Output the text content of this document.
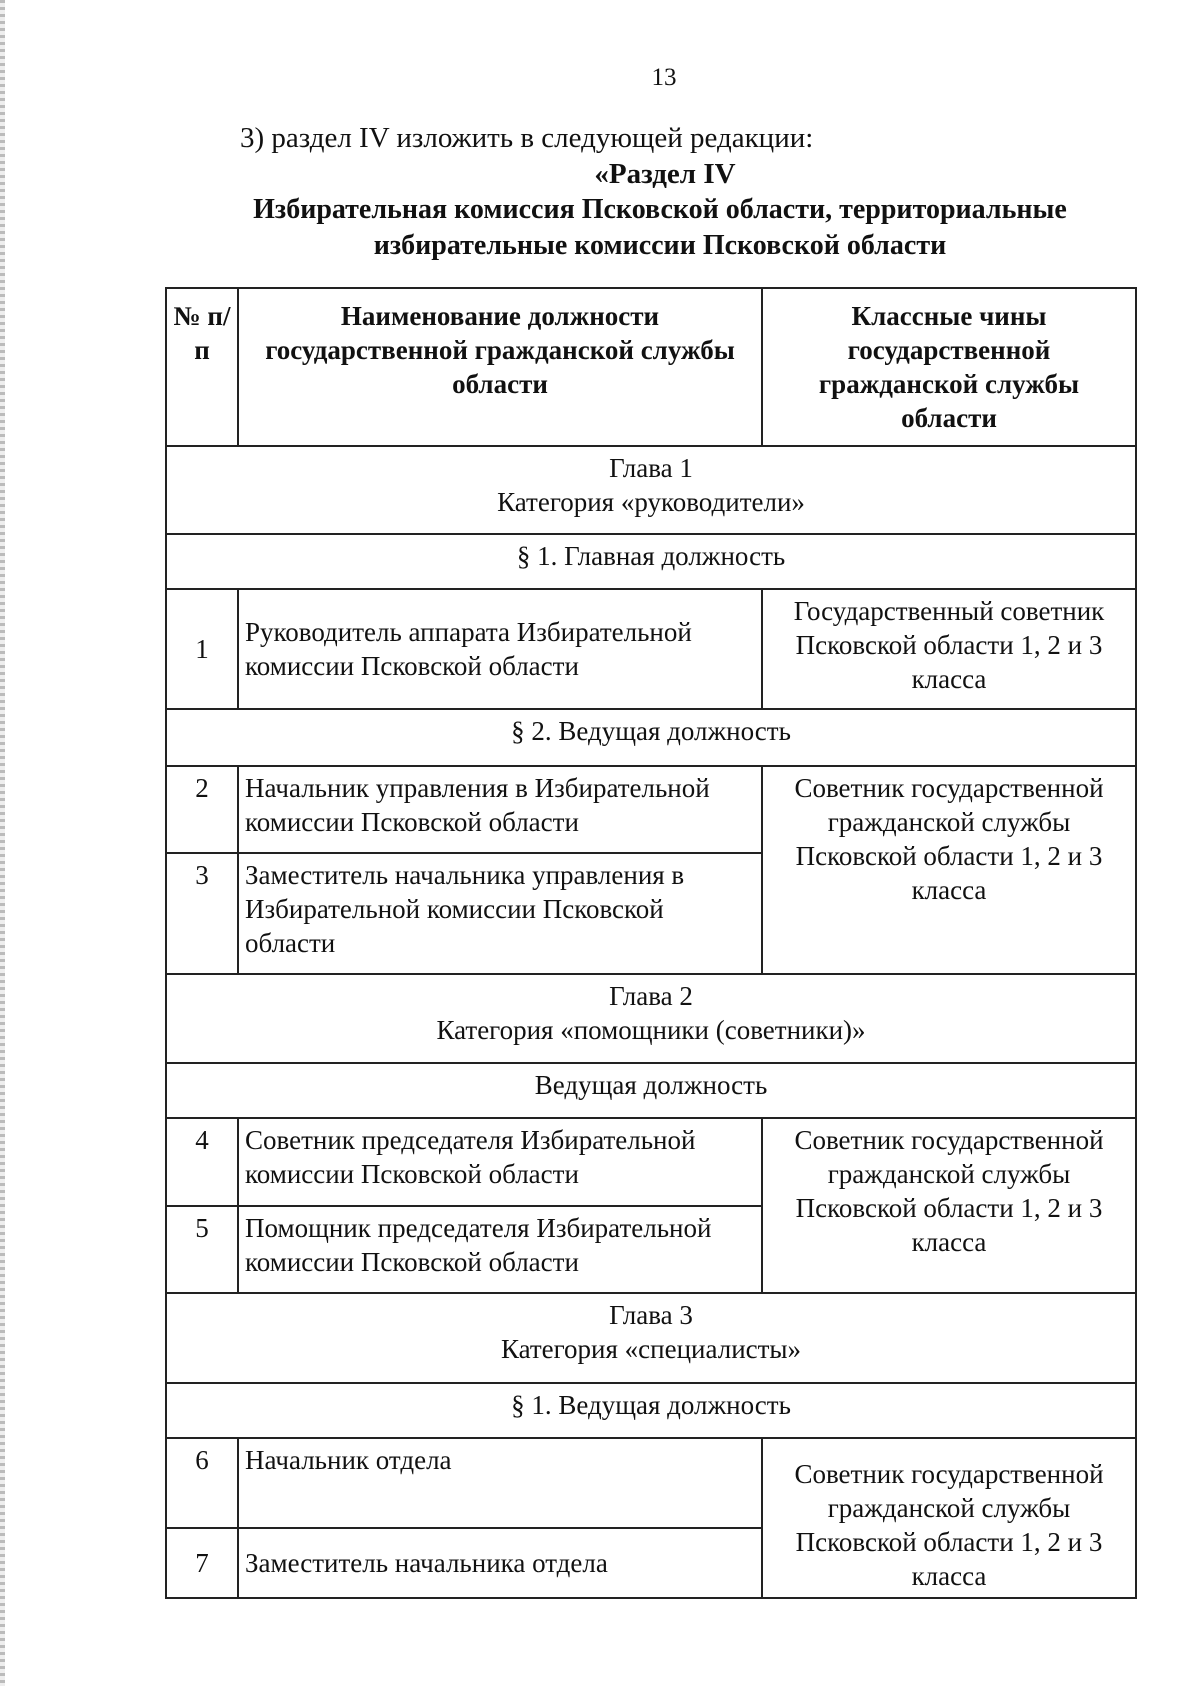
13
3) раздел IV изложить в следующей редакции:
«Раздел IV
Избирательная комиссия Псковской области, территориальные избирательные комиссии Псковской области
№ п/п	Наименование должности государственной гражданской службы области	Классные чины государственной гражданской службы области

Глава 1
Категория «руководители»		

§ 1. Главная должность		
1	Руководитель аппарата Избирательной комиссии Псковской области	Государственный советник Псковской области 1, 2 и 3 класса
§ 2. Ведущая должность		
2	Начальник управления в Избирательной комиссии Псковской области	Советник государственной гражданской службы Псковской области 1, 2 и 3 класса
3	Заместитель начальника управления в Избирательной комиссии Псковской области	

Глава 2
Категория «помощники (советники)»		

Ведущая должность		
4	Советник председателя Избирательной комиссии Псковской области	Советник государственной гражданской службы Псковской области 1, 2 и 3 класса
5	Помощник председателя Избирательной комиссии Псковской области	

Глава 3
Категория «специалисты»		

§ 1. Ведущая должность		
6	Начальник отдела	Советник государственной гражданской службы Псковской области 1, 2 и 3 класса
7	Заместитель начальника отдела	
